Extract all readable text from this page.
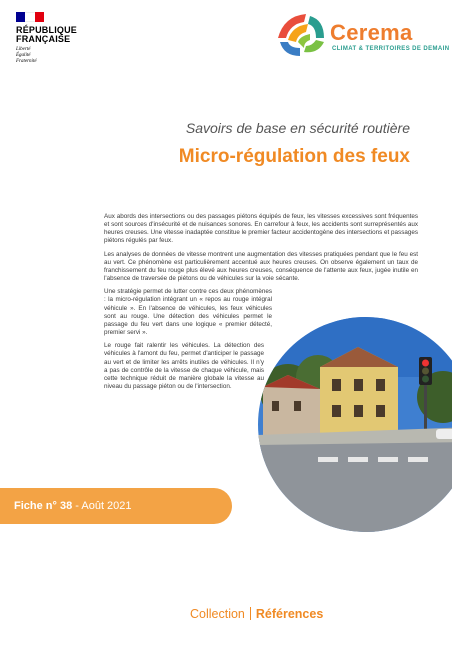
RÉPUBLIQUE
FRANÇAISE
Liberté
Égalité
Fraternité
Cerema
CLIMAT & TERRITOIRES DE DEMAIN
Savoirs de base en sécurité routière
Micro-régulation des feux

Aux abords des intersections ou des passages piétons équipés de feux, les vitesses excessives sont fréquentes et sont sources d'insécurité et de nuisances sonores. En carrefour à feux, les accidents sont surreprésentés aux heures creuses. Une vitesse inadaptée constitue le premier facteur accidentogène des intersections et passages piétons régulés par feux.

Les analyses de données de vitesse montrent une augmentation des vitesses pratiquées pendant que le feu est au vert. Ce phénomène est particulièrement accentué aux heures creuses. On observe également un taux de franchissement du feu rouge plus élevé aux heures creuses, conséquence de l'attente aux feux, jugée inutile en l'absence de traversée de piétons ou de véhicules sur la voie sécante.

Une stratégie permet de lutter contre ces deux phénomènes : la micro-régulation intégrant un « repos au rouge intégral véhicule ». En l'absence de véhicules, les feux véhicules sont au rouge. Une détection des véhicules permet le passage du feu vert dans une logique « premier détecté, premier servi ».

Le rouge fait ralentir les véhicules. La détection des véhicules à l'amont du feu, permet d'anticiper le passage au vert et de limiter les arrêts inutiles de véhicules. Il n'y a pas de contrôle de la vitesse de chaque véhicule, mais cette technique réduit de manière globale la vitesse au niveau du passage piéton ou de l'intersection.

Fiche n° 38 - Août 2021
Collection Références
